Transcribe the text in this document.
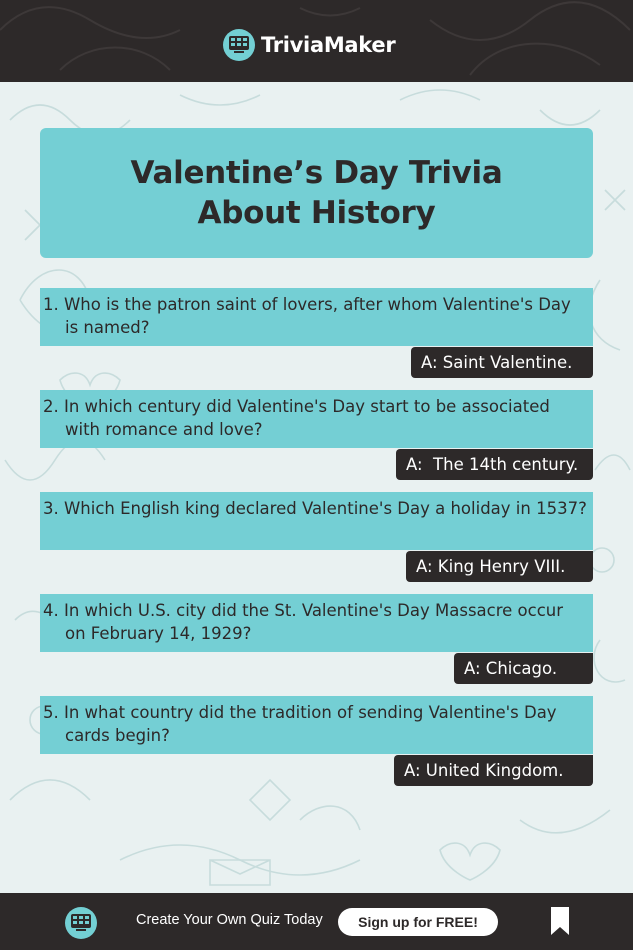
TriviaMaker
Valentine’s Day Trivia
About History
1. Who is the patron saint of lovers, after whom Valentine's Day is named?
A: Saint Valentine.
2. In which century did Valentine's Day start to be associated with romance and love?
A:  The 14th century.
3. Which English king declared Valentine's Day a holiday in 1537?
A: King Henry VIII.
4. In which U.S. city did the St. Valentine's Day Massacre occur on February 14, 1929?
A: Chicago.
5. In what country did the tradition of sending Valentine's Day cards begin?
A: United Kingdom.
Create Your Own Quiz Today	Sign up for FREE!
